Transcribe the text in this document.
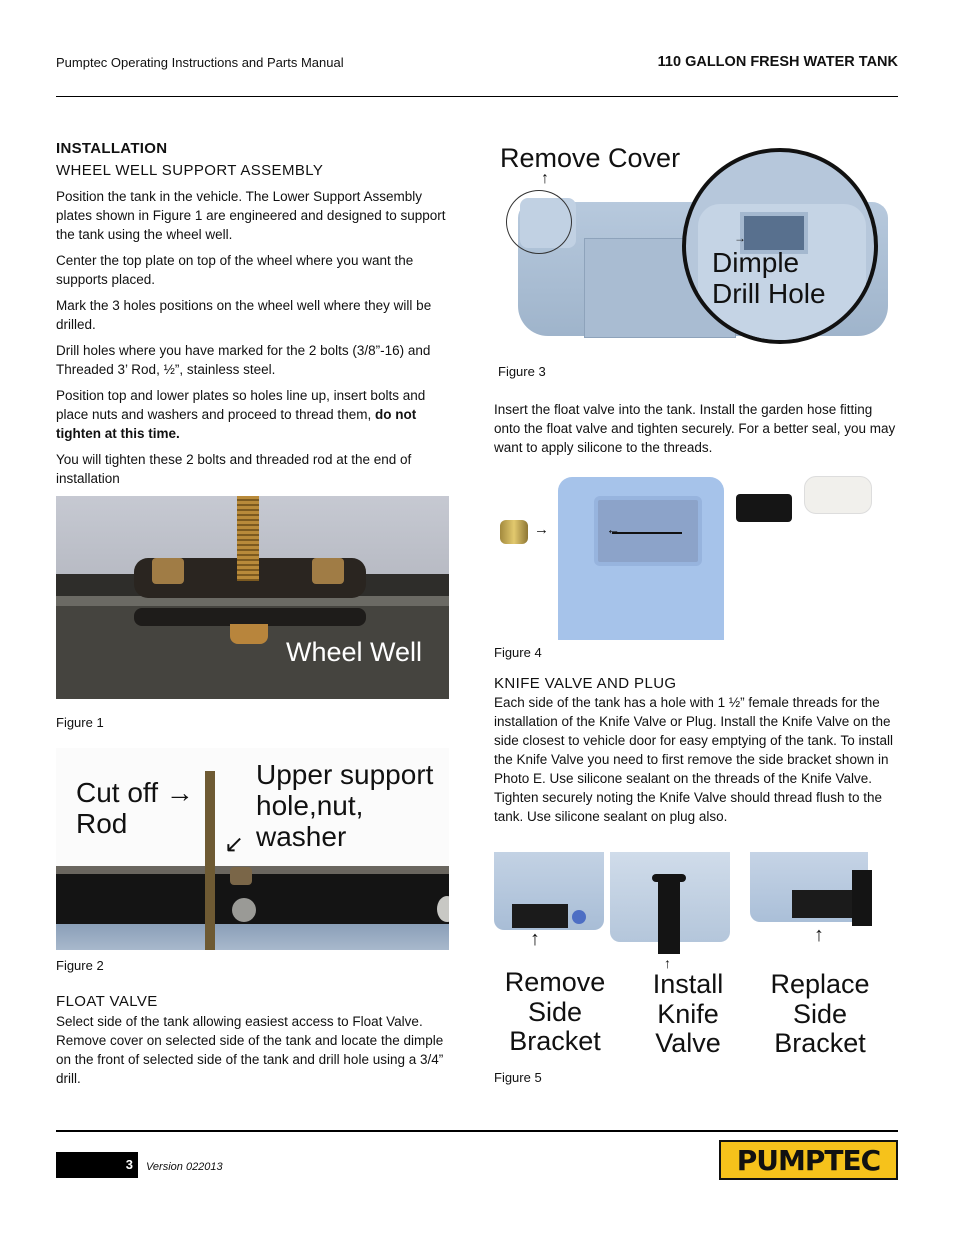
Pumptec Operating Instructions and Parts Manual	110 GALLON FRESH WATER TANK
INSTALLATION
WHEEL WELL SUPPORT ASSEMBLY

Position the tank in the vehicle. The Lower Support Assembly plates shown in Figure 1 are engineered and designed to support the tank using the wheel well.

Center the top plate on top of the wheel where you want the supports placed.

Mark the 3 holes positions on the wheel well where they will be drilled.

Drill holes where you have marked for the 2 bolts (3/8”-16) and Threaded 3’ Rod, ½”, stainless steel.

Position top and lower plates so holes line up, insert bolts and place nuts and washers and proceed to thread them, do not tighten at this time.

You will tighten these 2 bolts and threaded rod at the end of installation

Wheel Well
Figure 1
Cut off →
Rod
Upper support
hole,nut,
washer
↙
Figure 2
FLOAT VALVE

Select side of the tank allowing easiest access to Float Valve. Remove cover on selected side of the tank and locate the dimple on the front of selected side of the tank and drill hole using a 3/4” drill.

Remove Cover
↑
→
Dimple
Drill Hole
Figure 3

Insert the float valve into the tank. Install the garden hose fitting onto the float valve and tighten securely. For a better seal, you may want to apply silicone to the threads.

→	←
Figure 4
KNIFE VALVE AND PLUG

Each side of the tank has a hole with 1 ½” female threads for the installation of the Knife Valve or Plug. Install the Knife Valve on the side closest to vehicle door for easy emptying of the tank. To install the Knife Valve you need to first remove the side bracket shown in Photo E. Use silicone sealant on the threads of the Knife Valve. Tighten securely noting the Knife Valve should thread flush to the tank. Use silicone sealant on plug also.

↑
↑
↑
Remove
Side
Bracket
Install
Knife
Valve
Replace
Side
Bracket
Figure 5
3	Version 022013	PUMPTEC
